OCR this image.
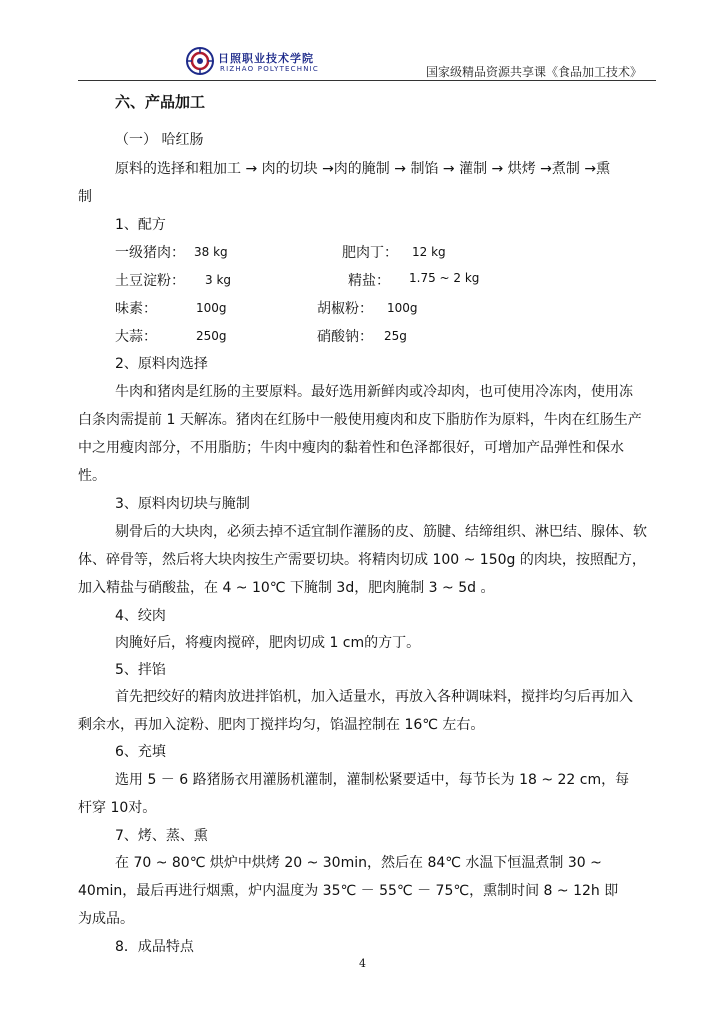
日照职业技术学院
RIZHAO POLYTECHNIC	国家级精品资源共享课《食品加工技术》
六、产品加工
（一） 哈红肠
原料的选择和粗加工 → 肉的切块 →肉的腌制 → 制馅 → 灌制 → 烘烤 →煮制 →熏
制
1、配方
一级猪肉： 38 kg	肥肉丁： 12 kg
土豆淀粉： 3 kg	精盐： 1.75 ~ 2 kg
味素：	100g	胡椒粉： 100g
大蒜：	250g	硝酸钠： 25g
2、原料肉选择
牛肉和猪肉是红肠的主要原料。最好选用新鲜肉或冷却肉，也可使用冷冻肉，使用冻
白条肉需提前 1 天解冻。猪肉在红肠中一般使用瘦肉和皮下脂肪作为原料，牛肉在红肠生产
中之用瘦肉部分，不用脂肪；牛肉中瘦肉的黏着性和色泽都很好，可增加产品弹性和保水
性。
3、原料肉切块与腌制
剔骨后的大块肉，必须去掉不适宜制作灌肠的皮、筋腱、结缔组织、淋巴结、腺体、软
体、碎骨等，然后将大块肉按生产需要切块。将精肉切成 100 ~ 150g 的肉块，按照配方，
加入精盐与硝酸盐，在 4 ~ 10℃ 下腌制 3d，肥肉腌制 3 ~ 5d 。
4、绞肉
肉腌好后，将瘦肉搅碎，肥肉切成 1 cm的方丁。
5、拌馅
首先把绞好的精肉放进拌馅机，加入适量水，再放入各种调味料，搅拌均匀后再加入
剩余水，再加入淀粉、肥肉丁搅拌均匀，馅温控制在 16℃ 左右。
6、充填
选用 5 － 6 路猪肠衣用灌肠机灌制，灌制松紧要适中，每节长为 18 ~ 22 cm，每
杆穿 10对。
7、烤、蒸、熏
在 70 ~ 80℃ 烘炉中烘烤 20 ~ 30min，然后在 84℃ 水温下恒温煮制 30 ~
40min，最后再进行烟熏，炉内温度为 35℃ － 55℃ － 75℃，熏制时间 8 ~ 12h 即
为成品。
8．成品特点
4
